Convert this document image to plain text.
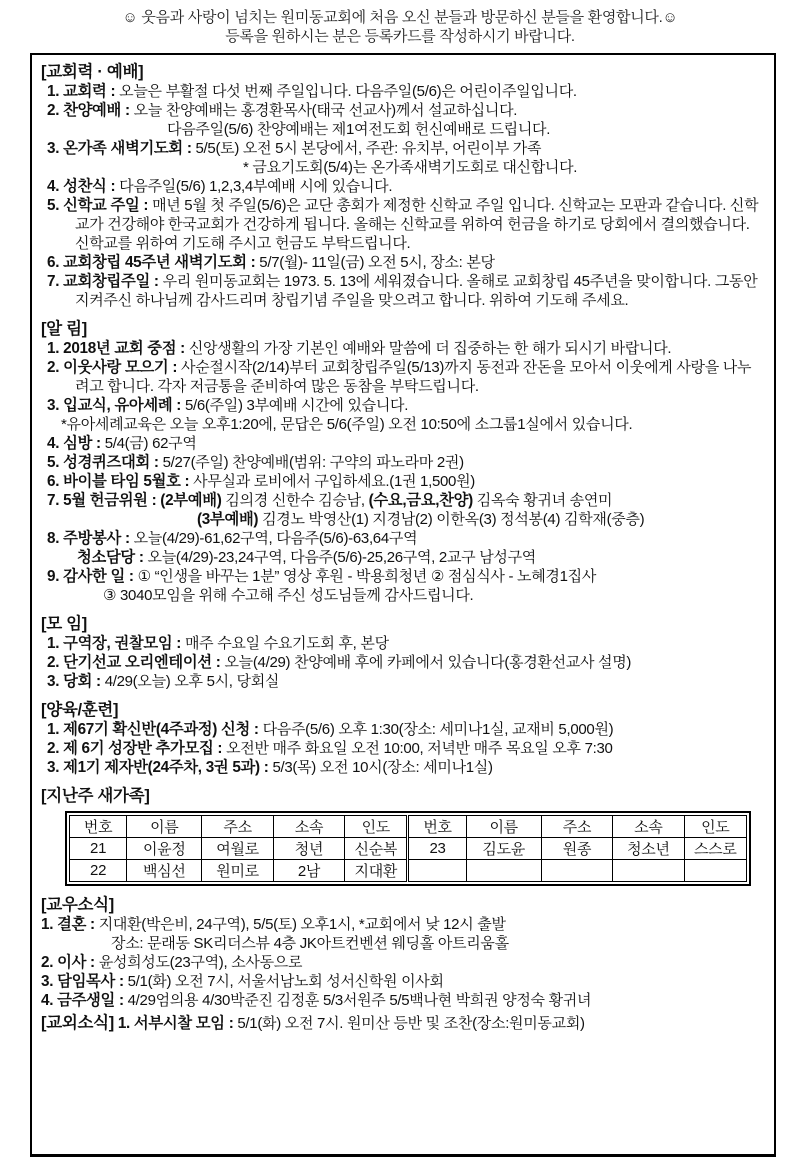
☺ 웃음과 사랑이 넘치는 원미동교회에 처음 오신 분들과 방문하신 분들을 환영합니다.☺
등록을 원하시는 분은 등록카드를 작성하시기 바랍니다.
[교회력 · 예배]
1. 교회력 : 오늘은 부활절 다섯 번째 주일입니다. 다음주일(5/6)은 어린이주일입니다.
2. 찬양예배 : 오늘 찬양예배는 홍경환목사(태국 선교사)께서 설교하십니다.
다음주일(5/6) 찬양예배는 제1여전도회 헌신예배로 드립니다.
3. 온가족 새벽기도회 : 5/5(토) 오전 5시 본당에서, 주관: 유치부, 어린이부 가족
* 금요기도회(5/4)는 온가족새벽기도회로 대신합니다.
4. 성찬식 : 다음주일(5/6) 1,2,3,4부예배 시에 있습니다.
5. 신학교 주일 : 매년 5월 첫 주일(5/6)은 교단 총회가 제정한 신학교 주일 입니다. 신학교는 모판과 같습니다. 신학교가 건강해야 한국교회가 건강하게 됩니다. 올해는 신학교를 위하여 헌금을 하기로 당회에서 결의했습니다. 신학교를 위하여 기도해 주시고 헌금도 부탁드립니다.
6. 교회창립 45주년 새벽기도회 : 5/7(월)- 11일(금) 오전 5시, 장소: 본당
7. 교회창립주일 : 우리 원미동교회는 1973. 5. 13에 세워졌습니다. 올해로 교회창립 45주년을 맞이합니다. 그동안 지켜주신 하나님께 감사드리며 창립기념 주일을 맞으려고 합니다. 위하여 기도해 주세요.
[알 림]
1. 2018년 교회 중점 : 신앙생활의 가장 기본인 예배와 말씀에 더 집중하는 한 해가 되시기 바랍니다.
2. 이웃사랑 모으기 : 사순절시작(2/14)부터 교회창립주일(5/13)까지 동전과 잔돈을 모아서 이웃에게 사랑을 나누려고 합니다. 각자 저금통을 준비하여 많은 동참을 부탁드립니다.
3. 입교식, 유아세례 : 5/6(주일) 3부예배 시간에 있습니다.
*유아세례교육은 오늘 오후1:20에, 문답은 5/6(주일) 오전 10:50에 소그룹1실에서 있습니다.
4. 심방 : 5/4(금) 62구역
5. 성경퀴즈대회 : 5/27(주일) 찬양예배(범위: 구약의 파노라마 2권)
6. 바이블 타임 5월호 : 사무실과 로비에서 구입하세요.(1권 1,500원)
7. 5월 헌금위원 : (2부예배) 김의경 신한수 김승남, (수요,금요,찬양) 김옥숙 황귀녀 송연미
(3부예배) 김경노 박영산(1) 지경남(2) 이한옥(3) 정석봉(4) 김학재(중층)
8. 주방봉사 : 오늘(4/29)-61,62구역, 다음주(5/6)-63,64구역
청소담당 : 오늘(4/29)-23,24구역, 다음주(5/6)-25,26구역, 2교구 남성구역
9. 감사한 일 : ① “인생을 바꾸는 1분” 영상 후원 - 박용희청년 ② 점심식사 - 노혜경1집사
③ 3040모임을 위해 수고해 주신 성도님들께 감사드립니다.
[모 임]
1. 구역장, 권찰모임 : 매주 수요일 수요기도회 후, 본당
2. 단기선교 오리엔테이션 : 오늘(4/29) 찬양예배 후에 카페에서 있습니다(홍경환선교사 설명)
3. 당회 : 4/29(오늘) 오후 5시, 당회실
[양육/훈련]
1. 제67기 확신반(4주과정) 신청 : 다음주(5/6) 오후 1:30(장소: 세미나1실, 교재비 5,000원)
2. 제 6기 성장반 추가모집 : 오전반 매주 화요일 오전 10:00, 저녁반 매주 목요일 오후 7:30
3. 제1기 제자반(24주차, 3권 5과) : 5/3(목) 오전 10시(장소: 세미나1실)
[지난주 새가족]
번호	이름	주소	소속	인도	번호	이름	주소	소속	인도
21	이윤정	여월로	청년	신순복	23	김도윤	원종	청소년	스스로
22	백심선	원미로	2남	지대환					
[교우소식]
1. 결혼 : 지대환(박은비, 24구역), 5/5(토) 오후1시, *교회에서 낮 12시 출발
장소: 문래동 SK리더스뷰 4층 JK아트컨벤션 웨딩홀 아트리움홀
2. 이사 : 윤성희성도(23구역), 소사동으로
3. 담임목사 : 5/1(화) 오전 7시, 서울서남노회 성서신학원 이사회
4. 금주생일 : 4/29엄의용 4/30박준진 김정훈 5/3서원주 5/5백나현 박희권 양정숙 황귀녀
[교외소식] 1. 서부시찰 모임 : 5/1(화) 오전 7시. 원미산 등반 및 조찬(장소:원미동교회)
